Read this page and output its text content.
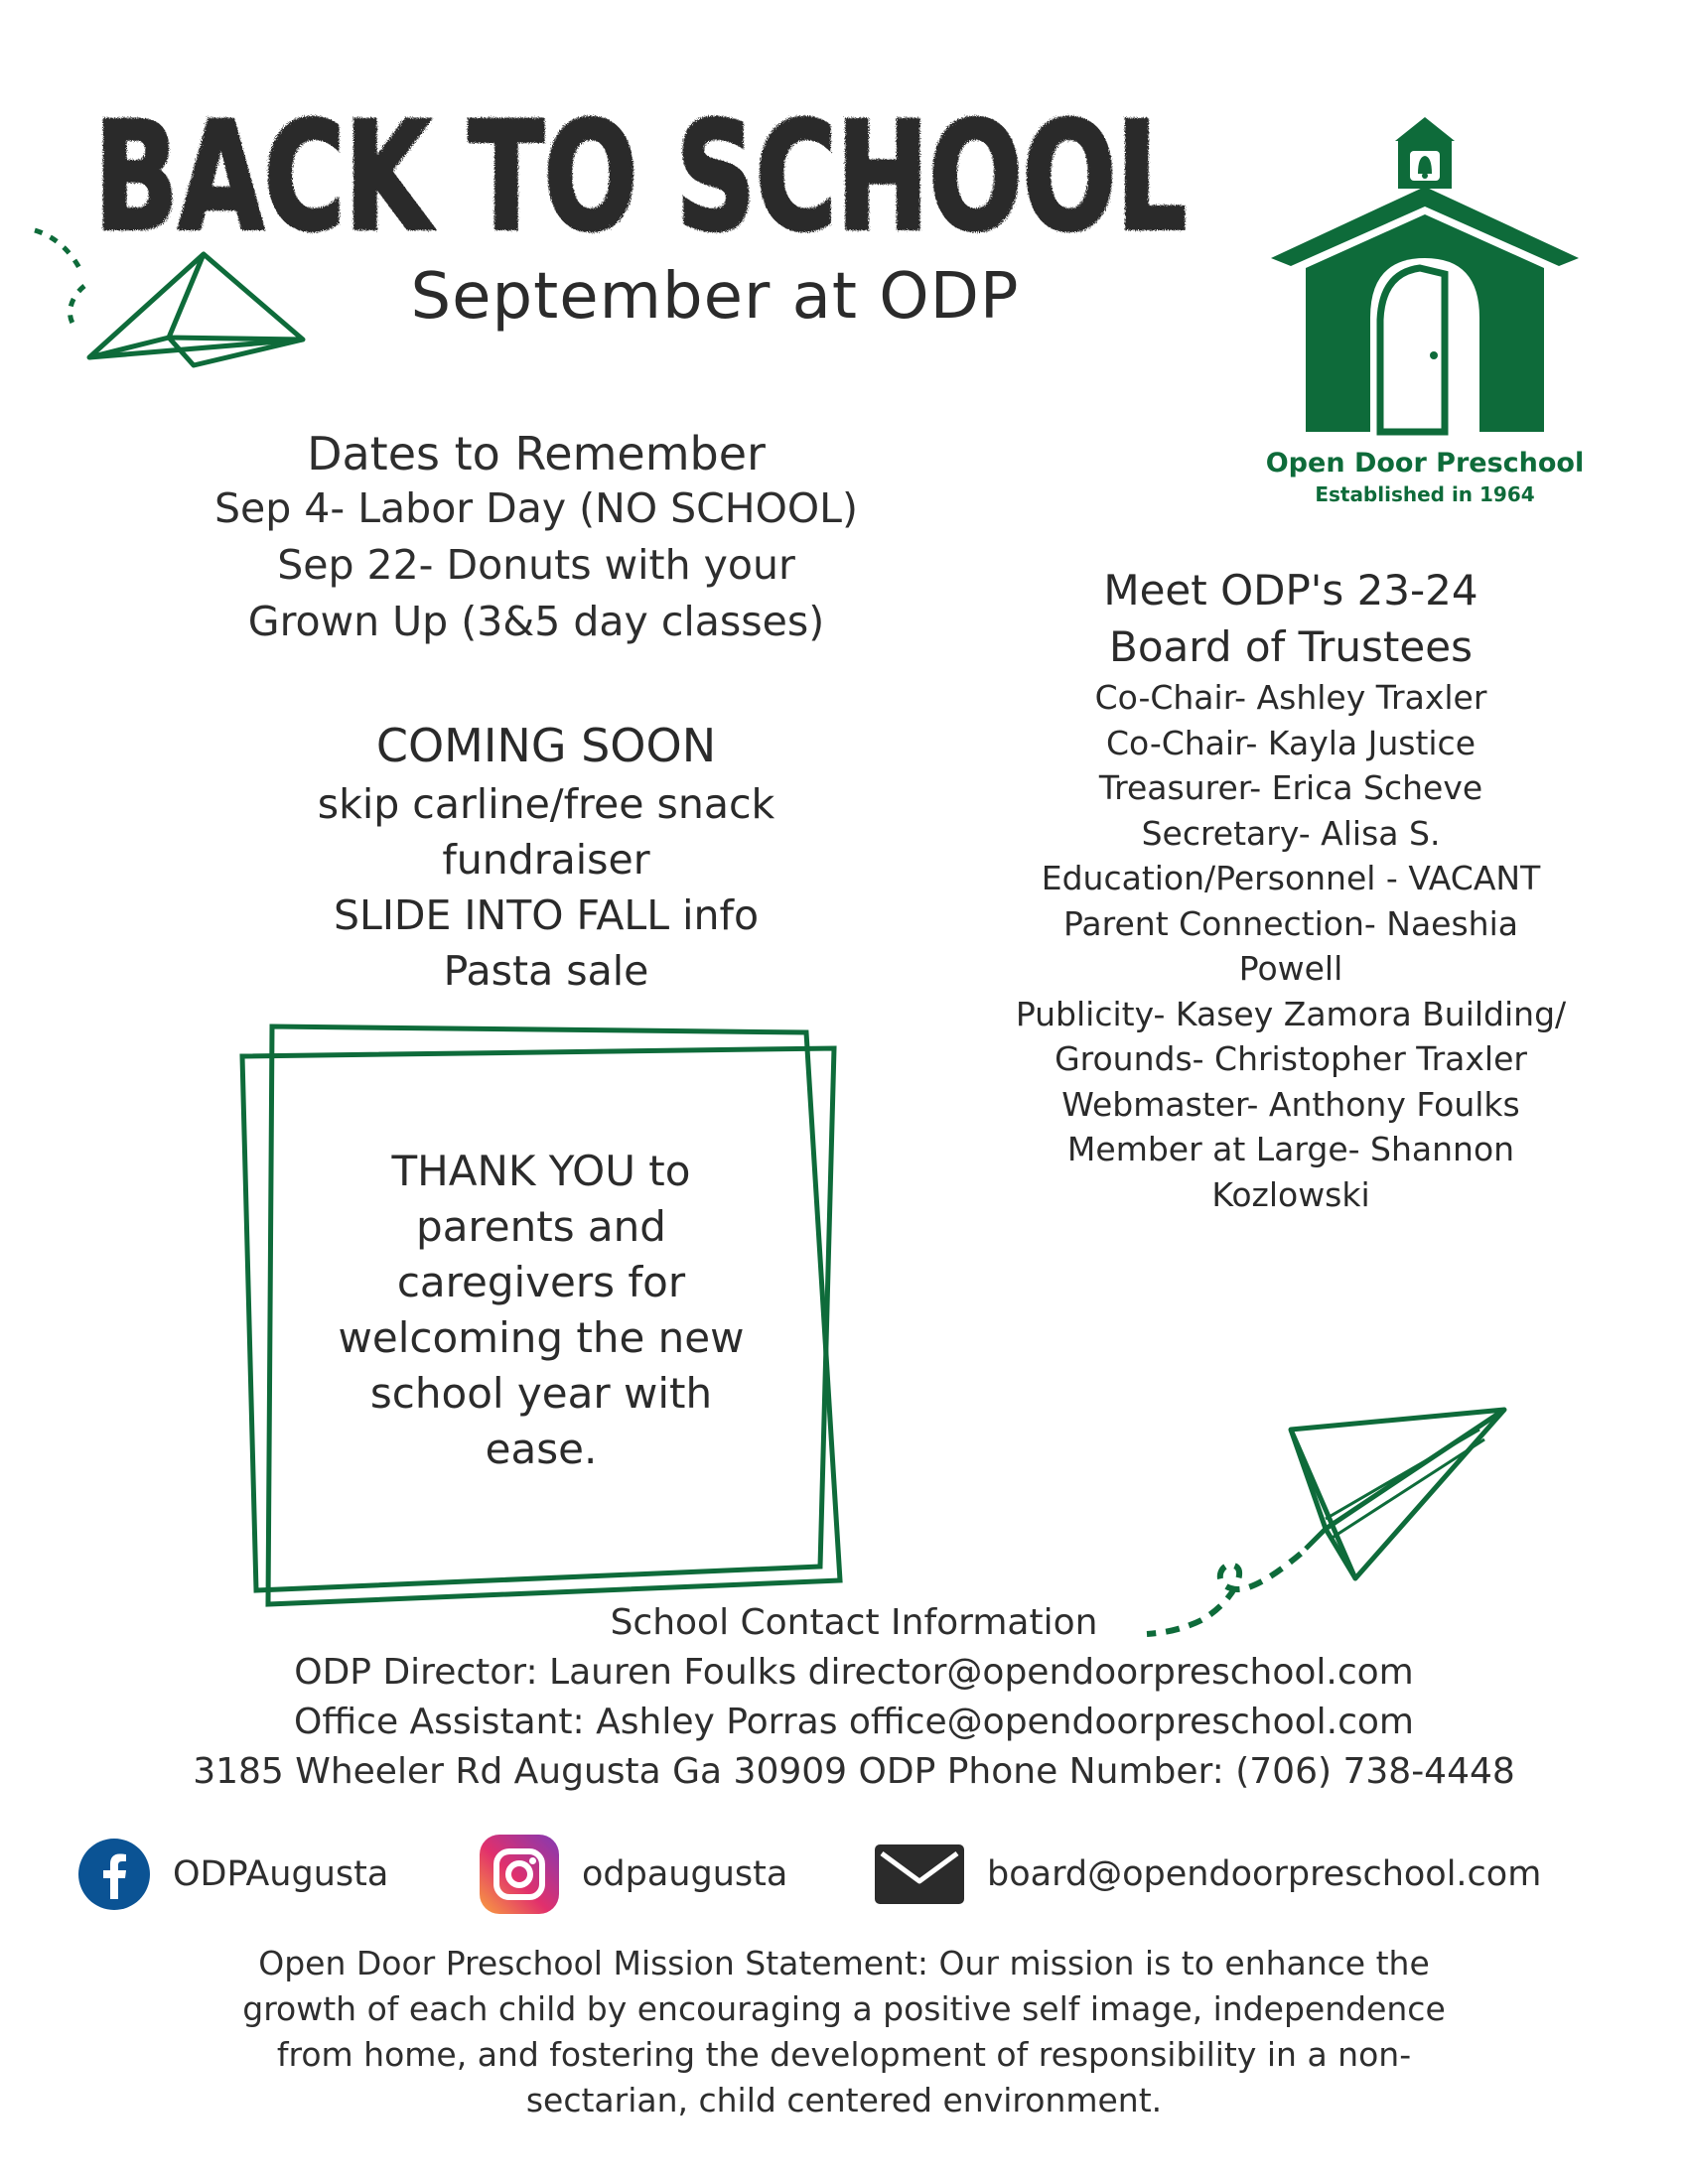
BACK TO SCHOOL
September at ODP
Open Door Preschool
Established in 1964
Dates to Remember
Sep 4- Labor Day (NO SCHOOL)
Sep 22- Donuts with your
Grown Up (3&5 day classes)
COMING SOON
skip carline/free snack
fundraiser
SLIDE INTO FALL info
Pasta sale
Meet ODP's 23-24
Board of Trustees
Co-Chair- Ashley Traxler
Co-Chair- Kayla Justice
Treasurer- Erica Scheve
Secretary- Alisa S.
Education/Personnel - VACANT
Parent Connection- Naeshia
Powell
Publicity- Kasey Zamora Building/
Grounds- Christopher Traxler
Webmaster- Anthony Foulks
Member at Large- Shannon
Kozlowski
THANK YOU to
parents and
caregivers for
welcoming the new
school year with
ease.
School Contact Information
ODP Director: Lauren Foulks director@opendoorpreschool.com
Office Assistant: Ashley Porras office@opendoorpreschool.com
3185 Wheeler Rd Augusta Ga 30909 ODP Phone Number: (706) 738-4448
ODPAugusta	odpaugusta	board@opendoorpreschool.com
Open Door Preschool Mission Statement: Our mission is to enhance the
growth of each child by encouraging a positive self image, independence
from home, and fostering the development of responsibility in a non-
sectarian, child centered environment.
